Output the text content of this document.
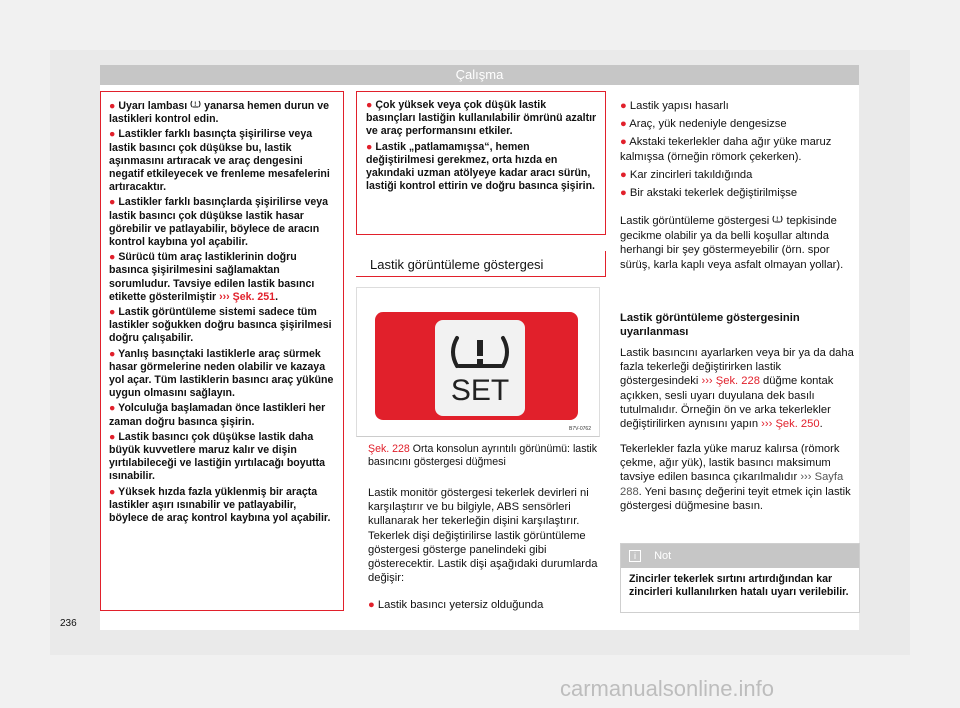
Çalışma

● Uyarı lambası ! yanarsa hemen durun ve lastikleri kontrol edin.

● Lastikler farklı basınçta şişirilirse veya lastik basıncı çok düşükse bu, lastik aşınmasını artıracak ve araç dengesini negatif etkileyecek ve frenleme mesafelerini artıracaktır.

● Lastikler farklı basınçlarda şişirilirse veya lastik basıncı çok düşükse lastik hasar görebilir ve patlayabilir, böylece de aracın kontrol kaybına yol açabilir.

● Sürücü tüm araç lastiklerinin doğru basınca şişirilmesini sağlamaktan sorumludur. Tavsiye edilen lastik basıncı etikette gösterilmiştir ››› Şek. 251.

● Lastik görüntüleme sistemi sadece tüm lastikler soğukken doğru basınca şişirilmesi doğru çalışabilir.

● Yanlış basınçtaki lastiklerle araç sürmek hasar görmelerine neden olabilir ve kazaya yol açar. Tüm lastiklerin basıncı araç yüküne uygun olmasını sağlayın.

● Yolculuğa başlamadan önce lastikleri her zaman doğru basınca şişirin.

● Lastik basıncı çok düşükse lastik daha büyük kuvvetlere maruz kalır ve dişin yırtılabileceği ve lastiğin yırtılacağı boyutta ısınabilir.

● Yüksek hızda fazla yüklenmiş bir araçta lastikler aşırı ısınabilir ve patlayabilir, böylece de araç kontrol kaybına yol açabilir.

● Çok yüksek veya çok düşük lastik basınçları lastiğin kullanılabilir ömrünü azaltır ve araç performansını etkiler.

● Lastik „patlamamışsa“, hemen değiştirilmesi gerekmez, orta hızda en yakındaki uzman atölyeye kadar aracı sürün, lastiği kontrol ettirin ve doğru basınca şişirin.

Lastik görüntüleme göstergesi
SET
B7V-0762
Şek. 228 Orta konsolun ayrıntılı görünümü: lastik basıncını göstergesi düğmesi

Lastik monitör göstergesi tekerlek devirleri ni karşılaştırır ve bu bilgiyle, ABS sensörleri kullanarak her tekerleğin dişini karşılaştırır. Tekerlek dişi değiştirilirse lastik görüntüleme göstergesi gösterge panelindeki gibi gösterecektir. Lastik dişi aşağıdaki durumlarda değişir:

● Lastik basıncı yetersiz olduğunda

● Lastik yapısı hasarlı

● Araç, yük nedeniyle dengesizse

● Akstaki tekerlekler daha ağır yüke maruz kalmışsa (örneğin römork çekerken).

● Kar zincirleri takıldığında

● Bir akstaki tekerlek değiştirilmişse

Lastik görüntüleme göstergesi ! tepkisinde gecikme olabilir ya da belli koşullar altında herhangi bir şey göstermeyebilir (örn. spor sürüş, karla kaplı veya asfalt olmayan yollar).

Lastik görüntüleme göstergesinin uyarılanması

Lastik basıncını ayarlarken veya bir ya da daha fazla tekerleği değiştirirken lastik göstergesindeki ››› Şek. 228 düğme kontak açıkken, sesli uyarı duyulana dek basılı tutulmalıdır. Örneğin ön ve arka tekerlekler değiştirilirken aynısını yapın ››› Şek. 250.

Tekerlekler fazla yüke maruz kalırsa (römork çekme, ağır yük), lastik basıncı maksimum tavsiye edilen basınca çıkarılmalıdır ››› Sayfa 288. Yeni basınç değerini teyit etmek için lastik göstergesi düğmesine basın.

i Not
Zincirler tekerlek sırtını artırdığından kar zincirleri kullanılırken hatalı uyarı verilebilir.
236
carmanualsonline.info
